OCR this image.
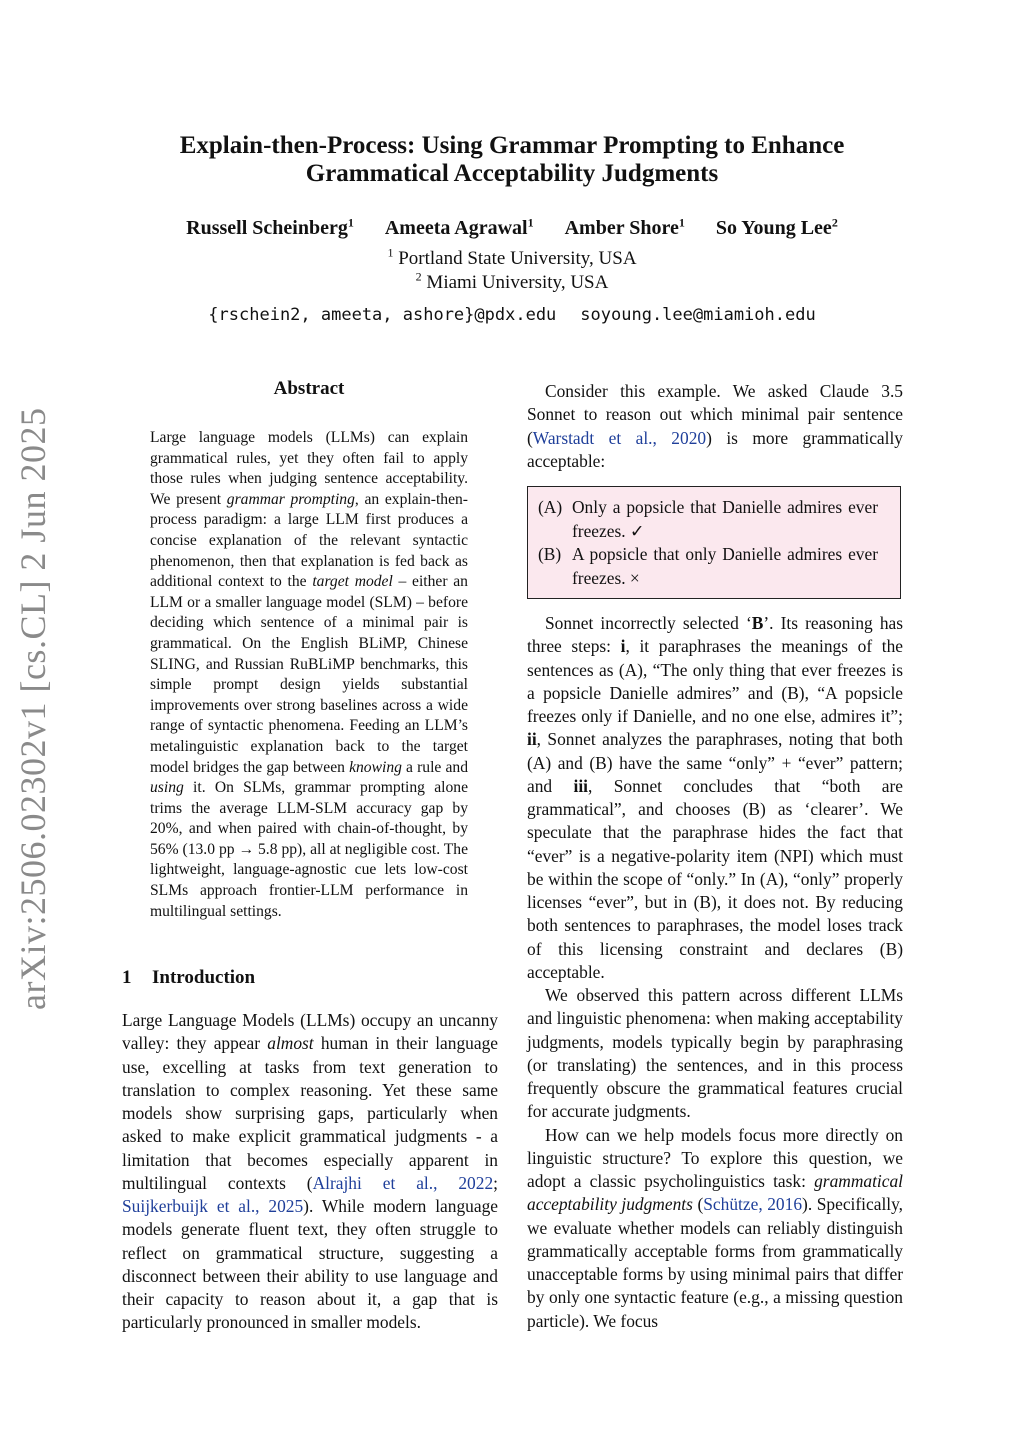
arXiv:2506.02302v1 [cs.CL] 2 Jun 2025
Explain-then-Process: Using Grammar Prompting to Enhance
Grammatical Acceptability Judgments
Russell Scheinberg$^1$ Ameeta Agrawal$^1$ Amber Shore$^1$ So Young Lee$^2$
$^1$ Portland State University, USA
$^2$ Miami University, USA
{rschein2, ameeta, ashore}@pdx.edu soyoung.lee@miamioh.edu
Abstract
Large language models (LLMs) can explain grammatical rules, yet they often fail to apply those rules when judging sentence acceptability. We present grammar prompting, an explain-then-process paradigm: a large LLM first produces a concise explanation of the relevant syntactic phenomenon, then that explanation is fed back as additional context to the target model – either an LLM or a smaller language model (SLM) – before deciding which sentence of a minimal pair is grammatical. On the English BLiMP, Chinese SLING, and Russian RuBLiMP benchmarks, this simple prompt design yields substantial improvements over strong baselines across a wide range of syntactic phenomena. Feeding an LLM’s metalinguistic explanation back to the target model bridges the gap between knowing a rule and using it. On SLMs, grammar prompting alone trims the average LLM-SLM accuracy gap by 20%, and when paired with chain-of-thought, by 56% (13.0 pp → 5.8 pp), all at negligible cost. The lightweight, language-agnostic cue lets low-cost SLMs approach frontier-LLM performance in multilingual settings.
1 Introduction

Large Language Models (LLMs) occupy an uncanny valley: they appear almost human in their language use, excelling at tasks from text generation to translation to complex reasoning. Yet these same models show surprising gaps, particularly when asked to make explicit grammatical judgments - a limitation that becomes especially apparent in multilingual contexts (Alrajhi et al., 2022; Suijkerbuijk et al., 2025). While modern language models generate fluent text, they often struggle to reflect on grammatical structure, suggesting a disconnect between their ability to use language and their capacity to reason about it, a gap that is particularly pronounced in smaller models.

Consider this example. We asked Claude 3.5 Sonnet to reason out which minimal pair sentence (Warstadt et al., 2020) is more grammatically acceptable:

(A) Only a popsicle that Danielle admires ever freezes. ✓
(B) A popsicle that only Danielle admires ever freezes. ×

Sonnet incorrectly selected ‘B’. Its reasoning has three steps: i, it paraphrases the meanings of the sentences as (A), “The only thing that ever freezes is a popsicle Danielle admires” and (B), “A popsicle freezes only if Danielle, and no one else, admires it”; ii, Sonnet analyzes the paraphrases, noting that both (A) and (B) have the same “only” + “ever” pattern; and iii, Sonnet concludes that “both are grammatical”, and chooses (B) as ‘clearer’. We speculate that the paraphrase hides the fact that “ever” is a negative-polarity item (NPI) which must be within the scope of “only.” In (A), “only” properly licenses “ever”, but in (B), it does not. By reducing both sentences to paraphrases, the model loses track of this licensing constraint and declares (B) acceptable.

We observed this pattern across different LLMs and linguistic phenomena: when making acceptability judgments, models typically begin by paraphrasing (or translating) the sentences, and in this process frequently obscure the grammatical features crucial for accurate judgments.

How can we help models focus more directly on linguistic structure? To explore this question, we adopt a classic psycholinguistics task: grammatical acceptability judgments (Schütze, 2016). Specifically, we evaluate whether models can reliably distinguish grammatically acceptable forms from grammatically unacceptable forms by using minimal pairs that differ by only one syntactic feature (e.g., a missing question particle). We focus
